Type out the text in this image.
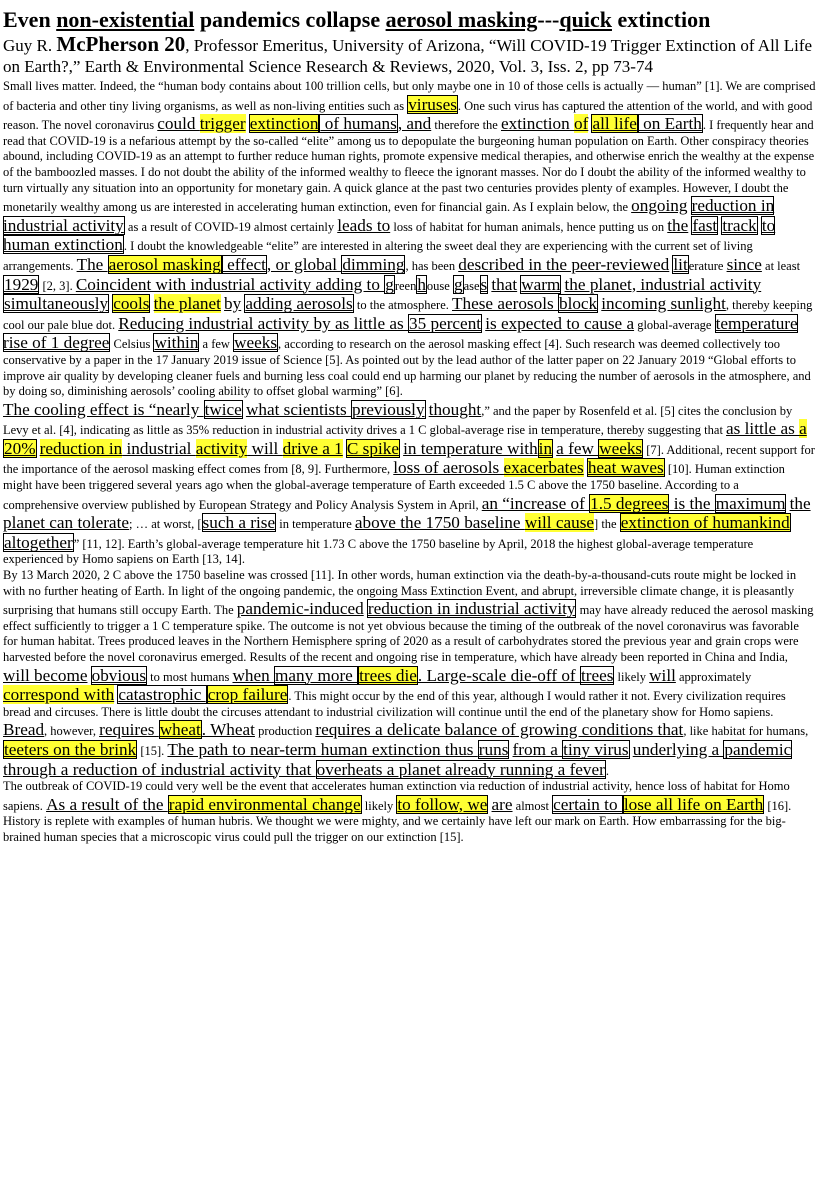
Even non-existential pandemics collapse aerosol masking---quick extinction

Guy R. McPherson 20, Professor Emeritus, University of Arizona, “Will COVID-19 Trigger Extinction of All Life on Earth?,” Earth & Environmental Science Research & Reviews, 2020, Vol. 3, Iss. 2, pp 73-74

Small lives matter. Indeed, the “human body contains about 100 trillion cells, but only maybe one in 10 of those cells is actually — human” [1]. We are comprised of bacteria and other tiny living organisms, as well as non-living entities such as viruses. One such virus has captured the attention of the world, and with good reason. The novel coronavirus could trigger extinction of humans, and therefore the extinction of all life on Earth. I frequently hear and read that COVID-19 is a nefarious attempt by the so-called “elite” among us to depopulate the burgeoning human population on Earth. Other conspiracy theories abound, including COVID-19 as an attempt to further reduce human rights, promote expensive medical therapies, and otherwise enrich the wealthy at the expense of the bamboozled masses. I do not doubt the ability of the informed wealthy to fleece the ignorant masses. Nor do I doubt the ability of the informed wealthy to turn virtually any situation into an opportunity for monetary gain. A quick glance at the past two centuries provides plenty of examples. However, I doubt the monetarily wealthy among us are interested in accelerating human extinction, even for financial gain. As I explain below, the ongoing reduction in industrial activity as a result of COVID-19 almost certainly leads to loss of habitat for human animals, hence putting us on the fast track to human extinction. I doubt the knowledgeable “elite” are interested in altering the sweet deal they are experiencing with the current set of living arrangements. The aerosol masking effect, or global dimming, has been described in the peer-reviewed literature since at least 1929 [2, 3]. Coincident with industrial activity adding to greenhouse gases that warm the planet, industrial activity simultaneously cools the planet by adding aerosols to the atmosphere. These aerosols block incoming sunlight, thereby keeping cool our pale blue dot. Reducing industrial activity by as little as 35 percent is expected to cause a global-average temperature rise of 1 degree Celsius within a few weeks, according to research on the aerosol masking effect [4]. Such research was deemed collectively too conservative by a paper in the 17 January 2019 issue of Science [5]. As pointed out by the lead author of the latter paper on 22 January 2019 “Global efforts to improve air quality by developing cleaner fuels and burning less coal could end up harming our planet by reducing the number of aerosols in the atmosphere, and by doing so, diminishing aerosols’ cooling ability to offset global warming” [6].

The cooling effect is “nearly twice what scientists previously thought,” and the paper by Rosenfeld et al. [5] cites the conclusion by Levy et al. [4], indicating as little as 35% reduction in industrial activity drives a 1 C global-average rise in temperature, thereby suggesting that as little as a 20% reduction in industrial activity will drive a 1 C spike in temperature within a few weeks [7]. Additional, recent support for the importance of the aerosol masking effect comes from [8, 9]. Furthermore, loss of aerosols exacerbates heat waves [10]. Human extinction might have been triggered several years ago when the global-average temperature of Earth exceeded 1.5 C above the 1750 baseline. According to a comprehensive overview published by European Strategy and Policy Analysis System in April, an “increase of 1.5 degrees is the maximum the planet can tolerate; … at worst, [such a rise in temperature above the 1750 baseline will cause] the extinction of humankind altogether” [11, 12]. Earth’s global-average temperature hit 1.73 C above the 1750 baseline by April, 2018 the highest global-average temperature experienced by Homo sapiens on Earth [13, 14].

By 13 March 2020, 2 C above the 1750 baseline was crossed [11]. In other words, human extinction via the death-by-a-thousand-cuts route might be locked in with no further heating of Earth. In light of the ongoing pandemic, the ongoing Mass Extinction Event, and abrupt, irreversible climate change, it is pleasantly surprising that humans still occupy Earth. The pandemic-induced reduction in industrial activity may have already reduced the aerosol masking effect sufficiently to trigger a 1 C temperature spike. The outcome is not yet obvious because the timing of the outbreak of the novel coronavirus was favorable for human habitat. Trees produced leaves in the Northern Hemisphere spring of 2020 as a result of carbohydrates stored the previous year and grain crops were harvested before the novel coronavirus emerged. Results of the recent and ongoing rise in temperature, which have already been reported in China and India, will become obvious to most humans when many more trees die. Large-scale die-off of trees likely will approximately correspond with catastrophic crop failure. This might occur by the end of this year, although I would rather it not. Every civilization requires bread and circuses. There is little doubt the circuses attendant to industrial civilization will continue until the end of the planetary show for Homo sapiens. Bread, however, requires wheat. Wheat production requires a delicate balance of growing conditions that, like habitat for humans, teeters on the brink [15]. The path to near-term human extinction thus runs from a tiny virus underlying a pandemic through a reduction of industrial activity that overheats a planet already running a fever.

The outbreak of COVID-19 could very well be the event that accelerates human extinction via reduction of industrial activity, hence loss of habitat for Homo sapiens. As a result of the rapid environmental change likely to follow, we are almost certain to lose all life on Earth [16]. History is replete with examples of human hubris. We thought we were mighty, and we certainly have left our mark on Earth. How embarrassing for the big-brained human species that a microscopic virus could pull the trigger on our extinction [15].
